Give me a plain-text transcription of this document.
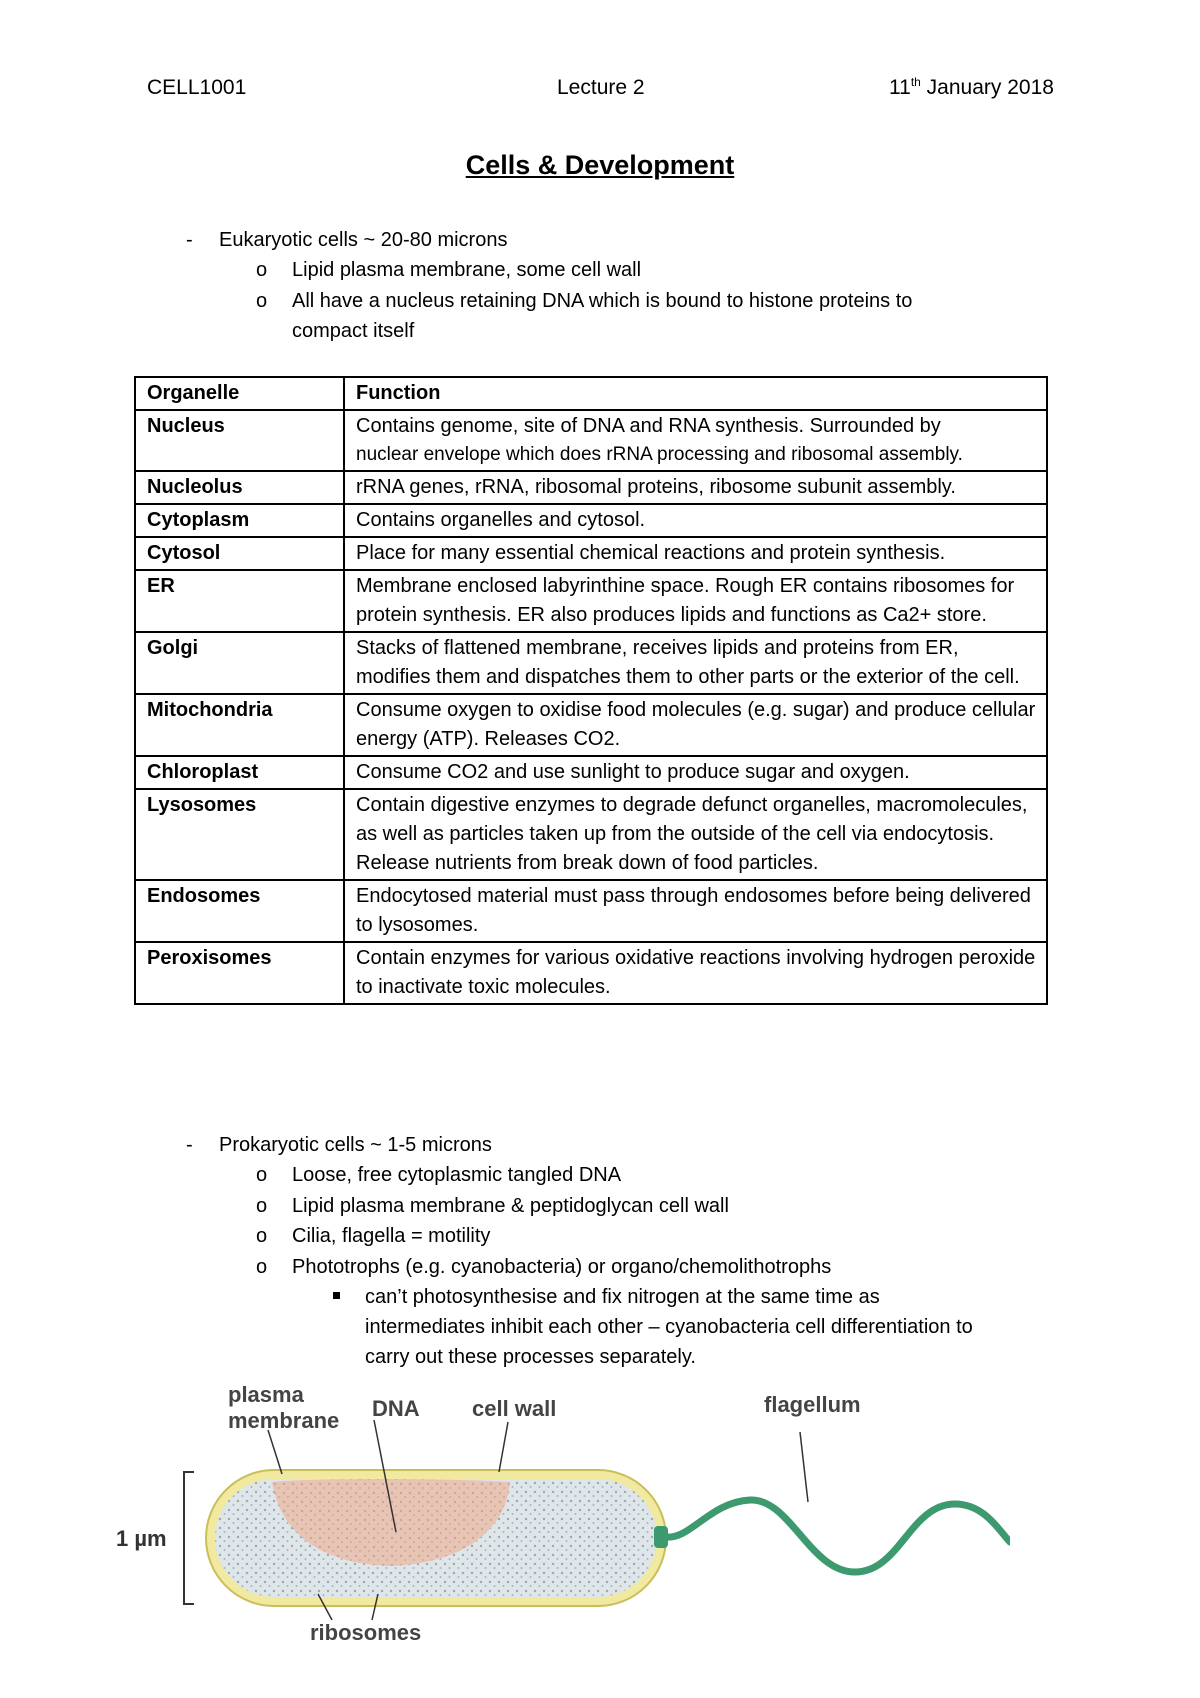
CELL1001	Lecture 2	11th January 2018
Cells & Development
- Eukaryotic cells ~ 20-80 microns
o Lipid plasma membrane, some cell wall
o All have a nucleus retaining DNA which is bound to histone proteins to
compact itself
Organelle	Function
Nucleus	Contains genome, site of DNA and RNA synthesis. Surrounded by
nuclear envelope which does rRNA processing and ribosomal assembly.

Nucleolus	rRNA genes, rRNA, ribosomal proteins, ribosome subunit assembly.
Cytoplasm	Contains organelles and cytosol.
Cytosol	Place for many essential chemical reactions and protein synthesis.
ER	Membrane enclosed labyrinthine space. Rough ER contains ribosomes for protein synthesis. ER also produces lipids and functions as Ca2+ store.
Golgi	Stacks of flattened membrane, receives lipids and proteins from ER, modifies them and dispatches them to other parts or the exterior of the cell.
Mitochondria	Consume oxygen to oxidise food molecules (e.g. sugar) and produce cellular energy (ATP). Releases CO2.
Chloroplast	Consume CO2 and use sunlight to produce sugar and oxygen.
Lysosomes	Contain digestive enzymes to degrade defunct organelles, macromolecules, as well as particles taken up from the outside of the cell via endocytosis. Release nutrients from break down of food particles.
Endosomes	Endocytosed material must pass through endosomes before being delivered to lysosomes.
Peroxisomes	Contain enzymes for various oxidative reactions involving hydrogen peroxide to inactivate toxic molecules.
- Prokaryotic cells ~ 1-5 microns
o Loose, free cytoplasmic tangled DNA
o Lipid plasma membrane & peptidoglycan cell wall
o Cilia, flagella = motility
o Phototrophs (e.g. cyanobacteria) or organo/chemolithotrophs
can’t photosynthesise and fix nitrogen at the same time as
intermediates inhibit each other – cyanobacteria cell differentiation to
carry out these processes separately.
1 µm
plasma
membrane DNA cell wall	flagellum
ribosomes
